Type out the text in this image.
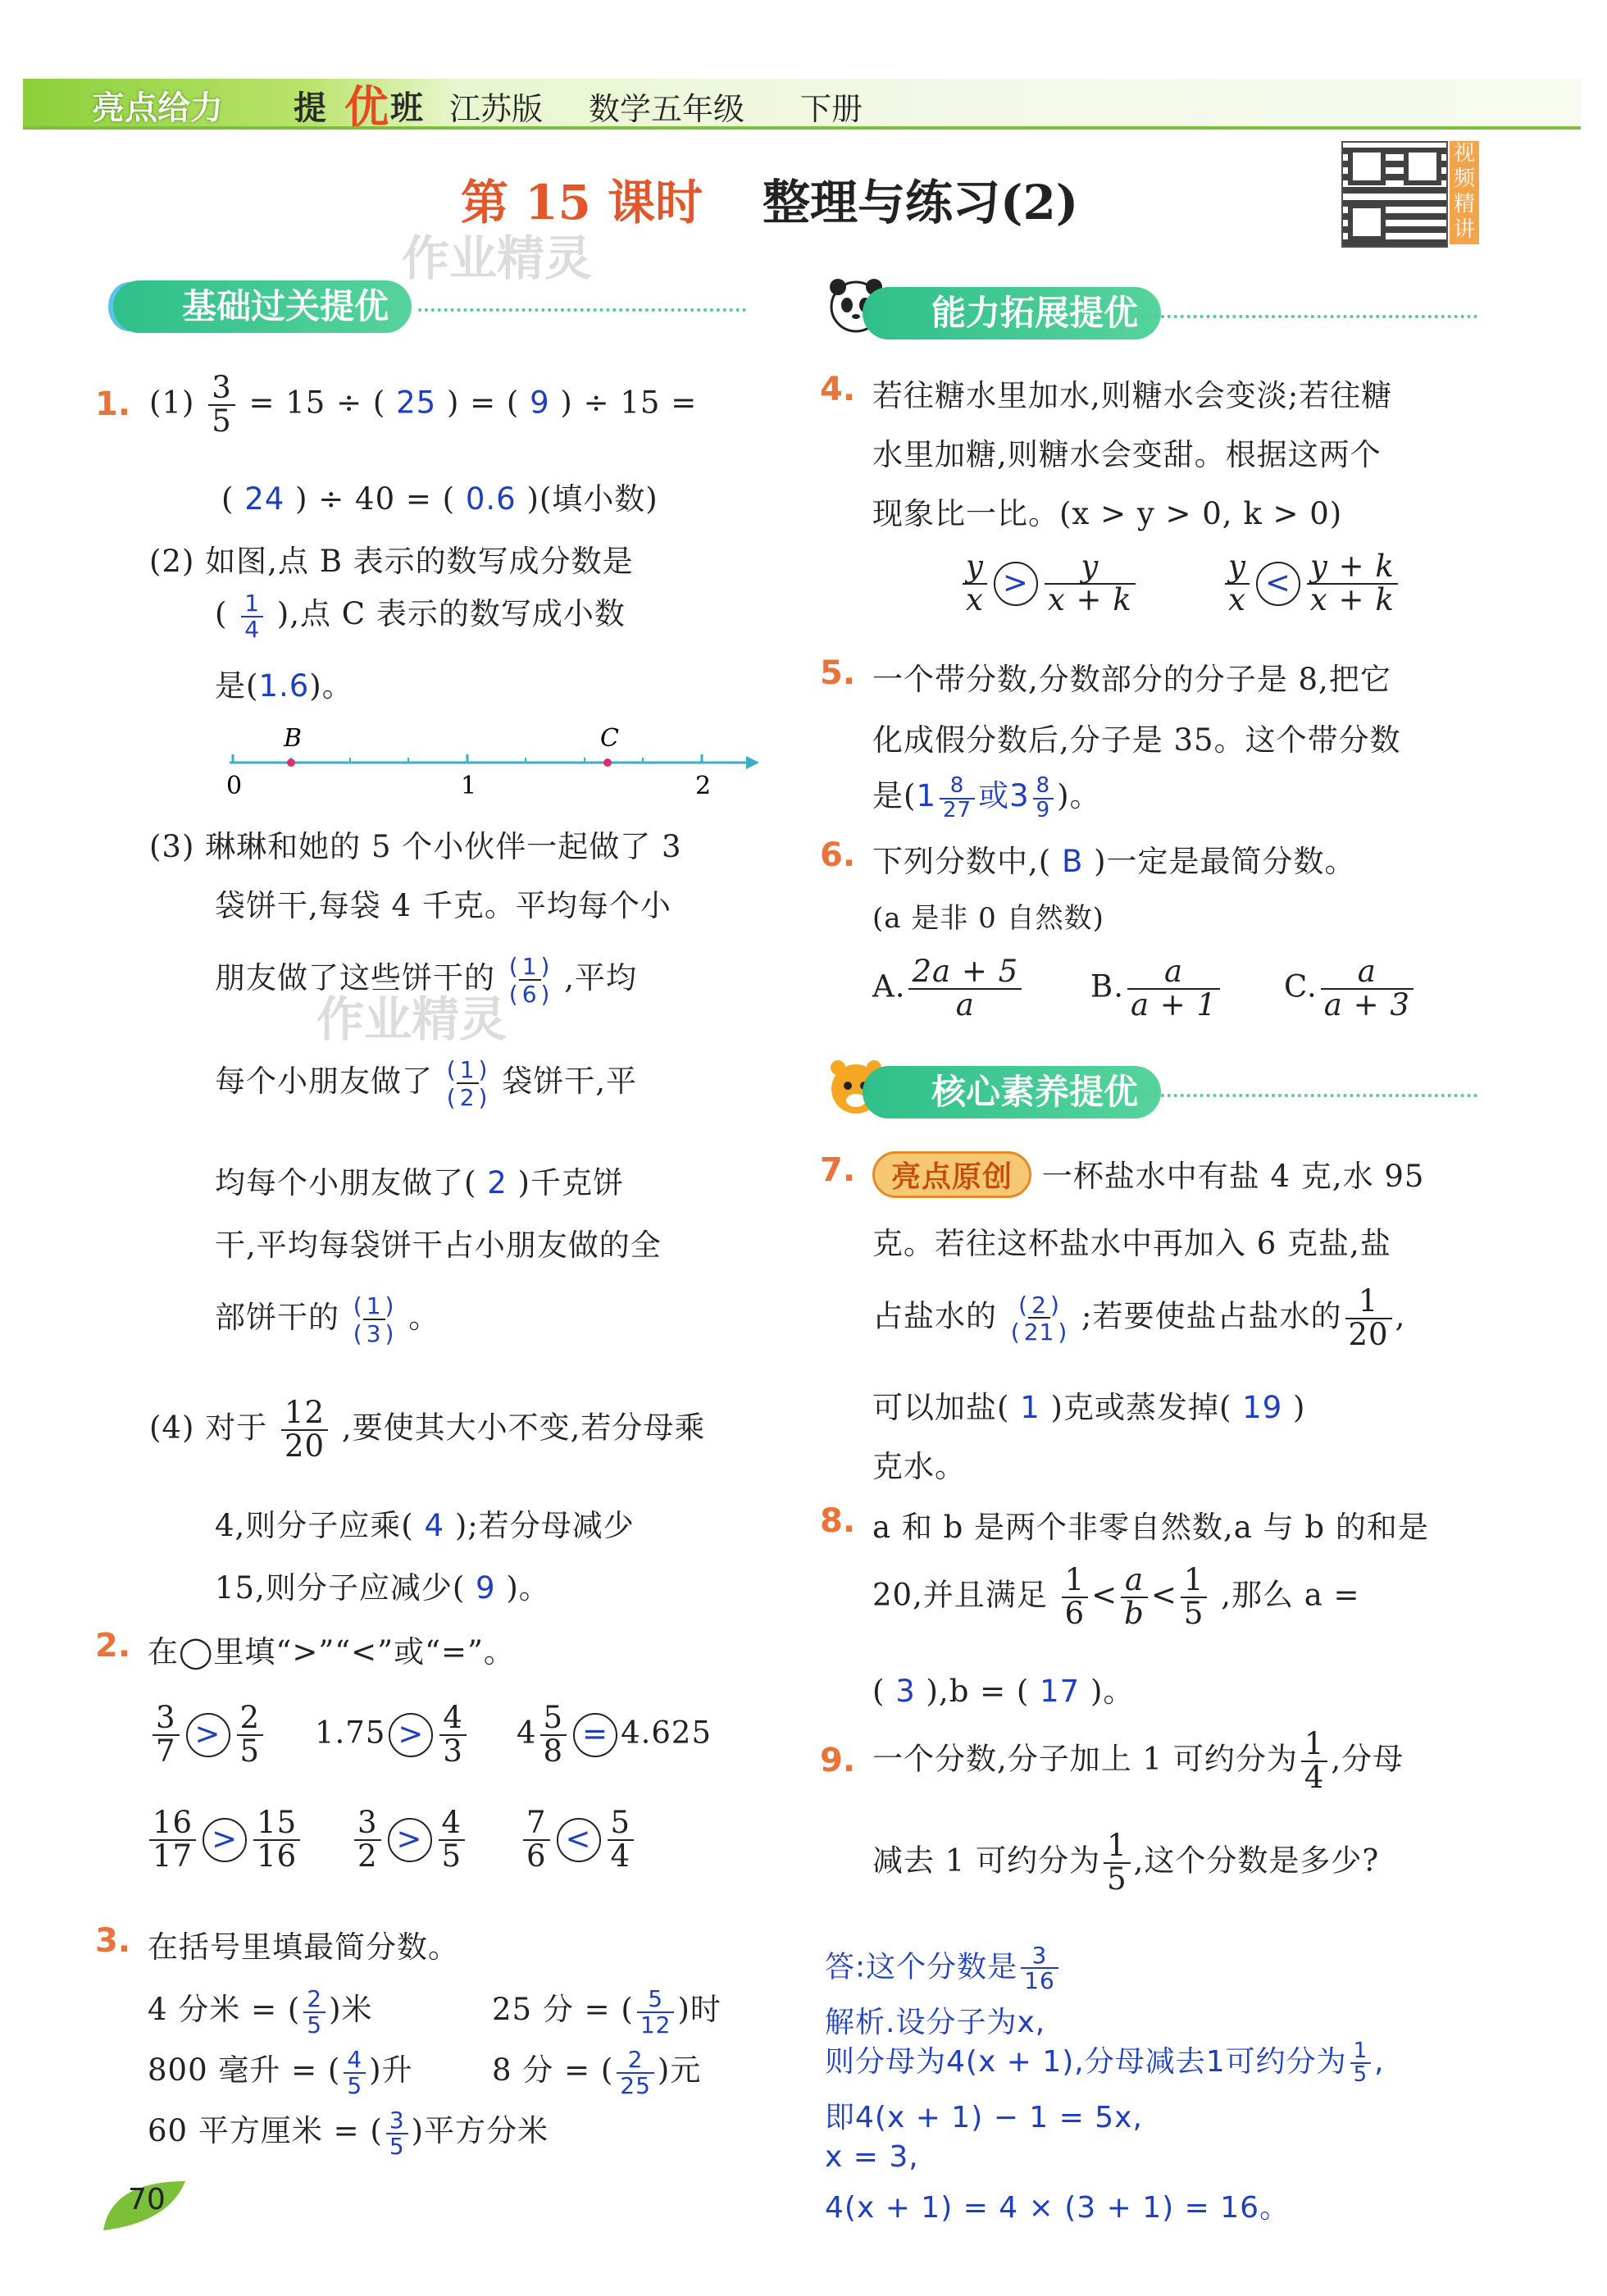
亮点给力 提 优 班 江苏版 数学五年级 下册
第 15 课时 整理与练习(2)
视频精讲
作业精灵
作业精灵
基础过关提优
1. $(1) \frac{3}{5} = 15$ ÷ ( 25 ) = ( 9 ) ÷ 15 =
( 24 ) ÷ 40 = ( 0.6 )(填小数)
(2) 如图,点 B 表示的数写成分数是
( $\frac{1}{4}$ ),点 C 表示的数写成小数
是(1.6)。
B	C
0	1	2
(3) 琳琳和她的 5 个小伙伴一起做了 3
袋饼干,每袋 4 千克。平均每个小
朋友做了这些饼干的 ( 1 )
( 6 ) ,平均
每个小朋友做了 ( 1 )
( 2 ) 袋饼干,平
均每个小朋友做了( 2 )千克饼
干,平均每袋饼干占小朋友做的全
部饼干的 ( 1 )
( 3 ) 。
(4) 对于 $\frac{12}{20}$ ,要使其大小不变,若分母乘
4,则分子应乘( 4 );若分母减少
15,则分子应减少( 9 )。
2. 在◯里填“>”“<”或“=”。
$\frac{3}{7} > \frac{2}{5} 1.75 > \frac{4}{3} 4 \frac{5}{8} = 4.625$
$\frac{16}{17} > \frac{15}{16} \frac{3}{2} > \frac{4}{5} \frac{7}{6} < \frac{5}{4}$
3. 在括号里填最简分数。
4 分米 = ( $\frac{2}{5}$ )米	25 分 = ( $\frac{5}{12}$ )时
800 毫升 = ( $\frac{4}{5}$ )升	8 分 = ( $\frac{2}{25}$ )元
60 平方厘米 = ( $\frac{3}{5}$ )平方分米
70
能力拓展提优
4. 若往糖水里加水,则糖水会变淡;若往糖
水里加糖,则糖水会变甜。根据这两个
现象比一比。(x > y > 0, k > 0)
$\frac{y}{x} > \frac{y}{x + k}$	$\frac{y}{x} < \frac{y + k}{x + k}$
5. 一个带分数,分数部分的分子是 8,把它
化成假分数后,分子是 35。这个带分数
是($1 \frac{8}{27}$ 或$3 \frac{8}{9}$ )。
6. 下列分数中,( B )一定是最简分数。
(a 是非 0 自然数)
A. $\frac{2a + 5}{a} B$. $\frac{a}{a + 1} C$. $\frac{a}{a + 3}$
核心素养提优
7.	亮点原创 一杯盐水中有盐 4 克,水 95
克。若往这杯盐水中再加入 6 克盐,盐
占盐水的 ( 2 )
( 21 ) ;若要使盐占盐水的 $\frac{1}{20}$ ,
可以加盐( 1 )克或蒸发掉( 19 )
克水。
8. a 和 b 是两个非零自然数,a 与 b 的和是
20,并且满足 $\frac{1}{6} < \frac{a}{b} < \frac{1}{5}$ ,那么 a =
( 3 ),b = ( 17 )。
9. 一个分数,分子加上 1 可约分为 $\frac{1}{4}$ ,分母
减去 1 可约分为 $\frac{1}{5}$ ,这个分数是多少?
答:这个分数是 $\frac{3}{16}$
解析.设分子为x,
则分母为4(x + 1),分母减去1可约分为 $\frac{1}{5}$ ,
即4(x + 1) − 1 = 5x,
x = 3,
4(x + 1) = 4 × (3 + 1) = 16。
